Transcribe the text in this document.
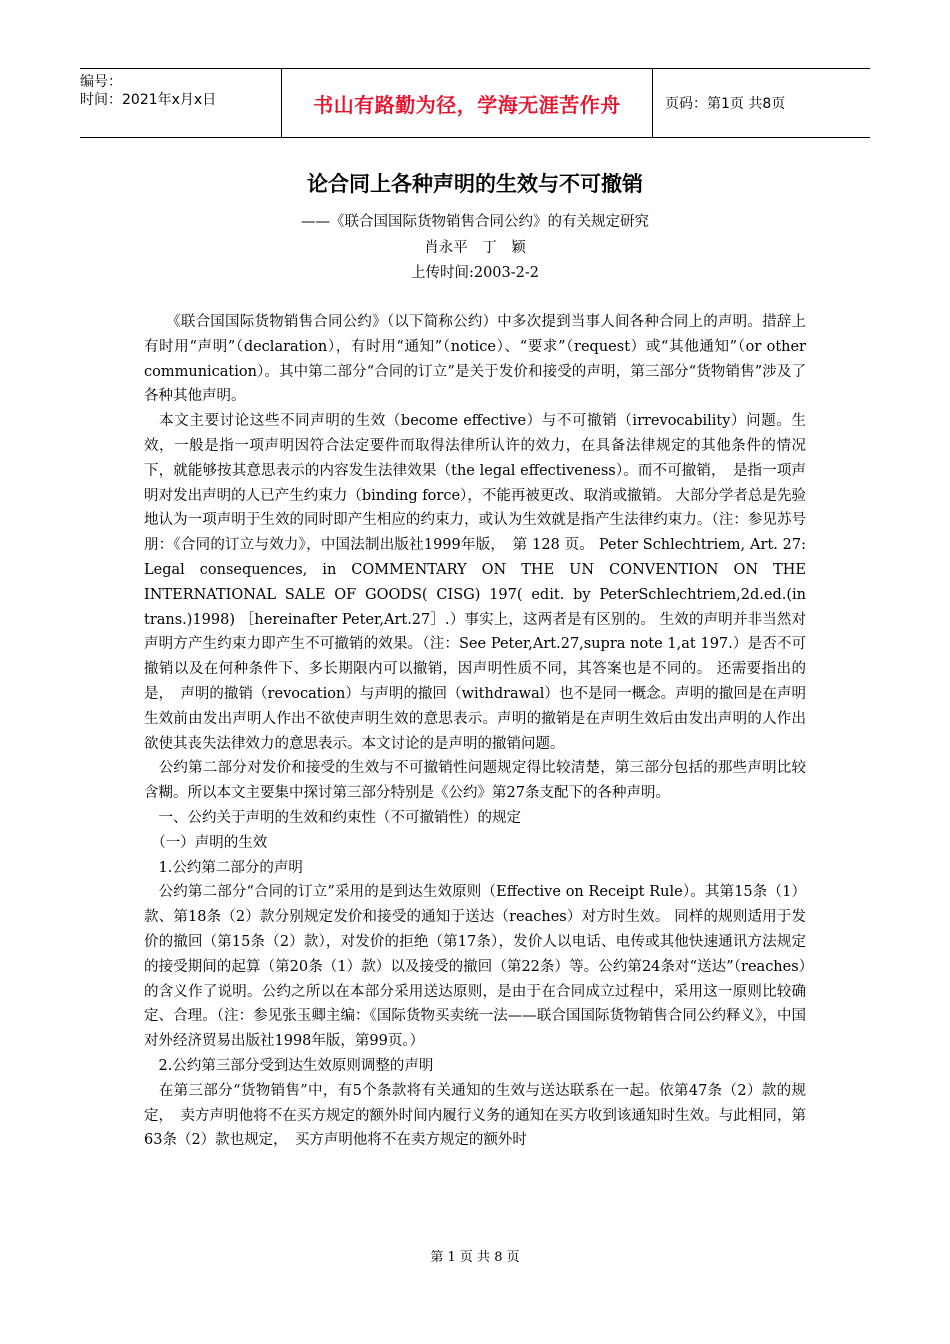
编号：
时间：2021年x月x日	书山有路勤为径，学海无涯苦作舟	页码：第1页 共8页
论合同上各种声明的生效与不可撤销
——《联合国国际货物销售合同公约》的有关规定研究
肖永平　丁　颖
上传时间:2003-2-2

　　《联合国国际货物销售合同公约》（以下简称公约）中多次提到当事人间各种合同上的声明。措辞上有时用“声明”（declaration），有时用“通知”（notice）、“要求”（request）或“其他通知”（or other communication）。其中第二部分“合同的订立”是关于发价和接受的声明，第三部分“货物销售”涉及了各种其他声明。

　本文主要讨论这些不同声明的生效（become effective）与不可撤销（irrevocability）问题。生效，一般是指一项声明因符合法定要件而取得法律所认许的效力，在具备法律规定的其他条件的情况下，就能够按其意思表示的内容发生法律效果（the legal effectiveness）。而不可撤销，　是指一项声明对发出声明的人已产生约束力（binding force），不能再被更改、取消或撤销。 大部分学者总是先验地认为一项声明于生效的同时即产生相应的约束力，或认为生效就是指产生法律约束力。（注：参见苏号朋：《合同的订立与效力》，中国法制出版社1999年版，　第 128 页。 Peter Schlechtriem, Art. 27: Legal consequences, in COMMENTARY ON THE UN CONVENTION ON THE INTERNATIONAL SALE OF GOODS( CISG) 197( edit. by PeterSchlechtriem,2d.ed.(in trans.)1998) ［hereinafter Peter,Art.27］.）事实上，这两者是有区别的。 生效的声明并非当然对声明方产生约束力即产生不可撤销的效果。（注：See Peter,Art.27,supra note 1,at 197.）是否不可撤销以及在何种条件下、多长期限内可以撤销，因声明性质不同，其答案也是不同的。 还需要指出的是，　声明的撤销（revocation）与声明的撤回（withdrawal）也不是同一概念。声明的撤回是在声明生效前由发出声明人作出不欲使声明生效的意思表示。声明的撤销是在声明生效后由发出声明的人作出欲使其丧失法律效力的意思表示。本文讨论的是声明的撤销问题。

　公约第二部分对发价和接受的生效与不可撤销性问题规定得比较清楚，第三部分包括的那些声明比较含糊。所以本文主要集中探讨第三部分特别是《公约》第27条支配下的各种声明。

　一、公约关于声明的生效和约束性（不可撤销性）的规定

　（一）声明的生效

　1.公约第二部分的声明

　公约第二部分“合同的订立”采用的是到达生效原则（Effective on Receipt Rule）。其第15条（1）款、第18条（2）款分别规定发价和接受的通知于送达（reaches）对方时生效。 同样的规则适用于发价的撤回（第15条（2）款），对发价的拒绝（第17条），发价人以电话、电传或其他快速通讯方法规定的接受期间的起算（第20条（1）款）以及接受的撤回（第22条）等。公约第24条对“送达”（reaches）的含义作了说明。公约之所以在本部分采用送达原则，是由于在合同成立过程中，采用这一原则比较确定、合理。（注：参见张玉卿主编：《国际货物买卖统一法——联合国国际货物销售合同公约释义》，中国对外经济贸易出版社1998年版，第99页。）

　2.公约第三部分受到达生效原则调整的声明

　在第三部分“货物销售”中，有5个条款将有关通知的生效与送达联系在一起。依第47条（2）款的规定，　卖方声明他将不在买方规定的额外时间内履行义务的通知在买方收到该通知时生效。与此相同，第63条（2）款也规定，　买方声明他将不在卖方规定的额外时

第 1 页 共 8 页
